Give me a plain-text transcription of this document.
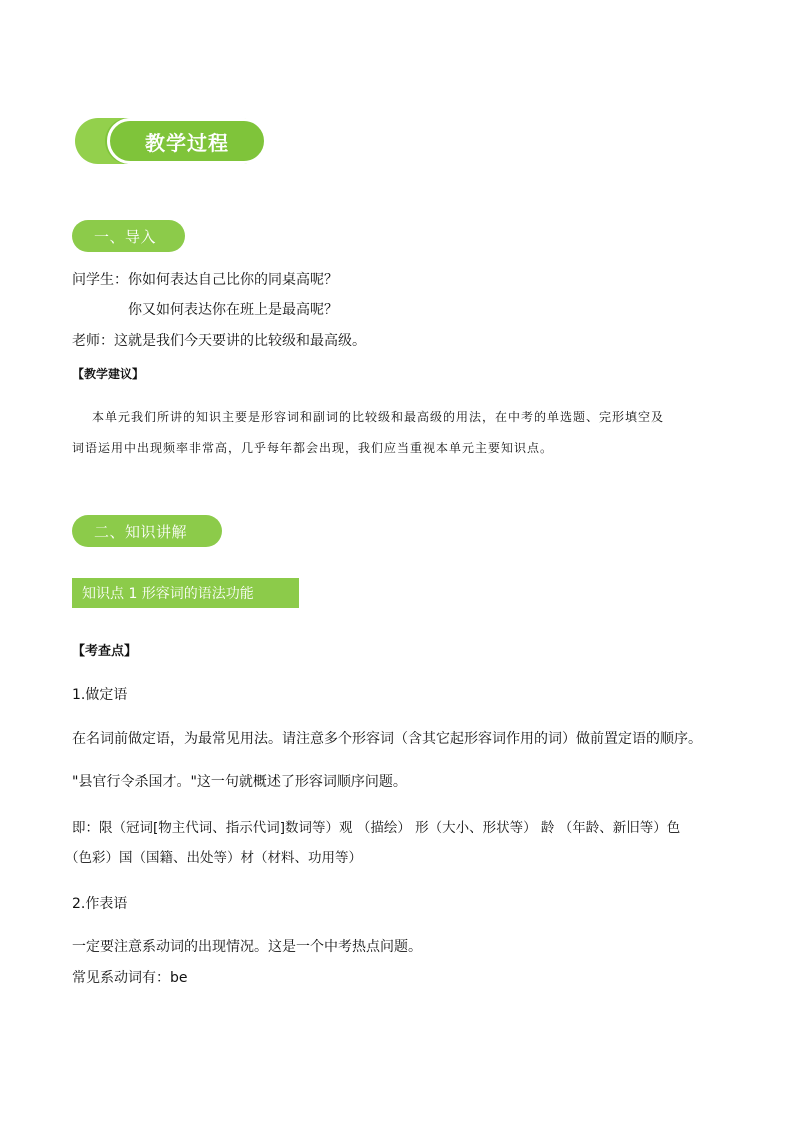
教学过程
一、导入
问学生： 你如何表达自己比你的同桌高呢？
你又如何表达你在班上是最高呢？
老师：这就是我们今天要讲的比较级和最高级。
【教学建议】
本单元我们所讲的知识主要是形容词和副词的比较级和最高级的用法，在中考的单选题、完形填空及
词语运用中出现频率非常高，几乎每年都会出现，我们应当重视本单元主要知识点。
二、知识讲解
知识点 1 形容词的语法功能
【考查点】
1.做定语
在名词前做定语，为最常见用法。请注意多个形容词（含其它起形容词作用的词）做前置定语的顺序。
"县官行令杀国才。"这一句就概述了形容词顺序问题。
即：限（冠词[物主代词、指示代词]数词等）观 （描绘） 形（大小、形状等） 龄 （年龄、新旧等）色
（色彩）国（国籍、出处等）材（材料、功用等）
2.作表语
一定要注意系动词的出现情况。这是一个中考热点问题。
常见系动词有：be
